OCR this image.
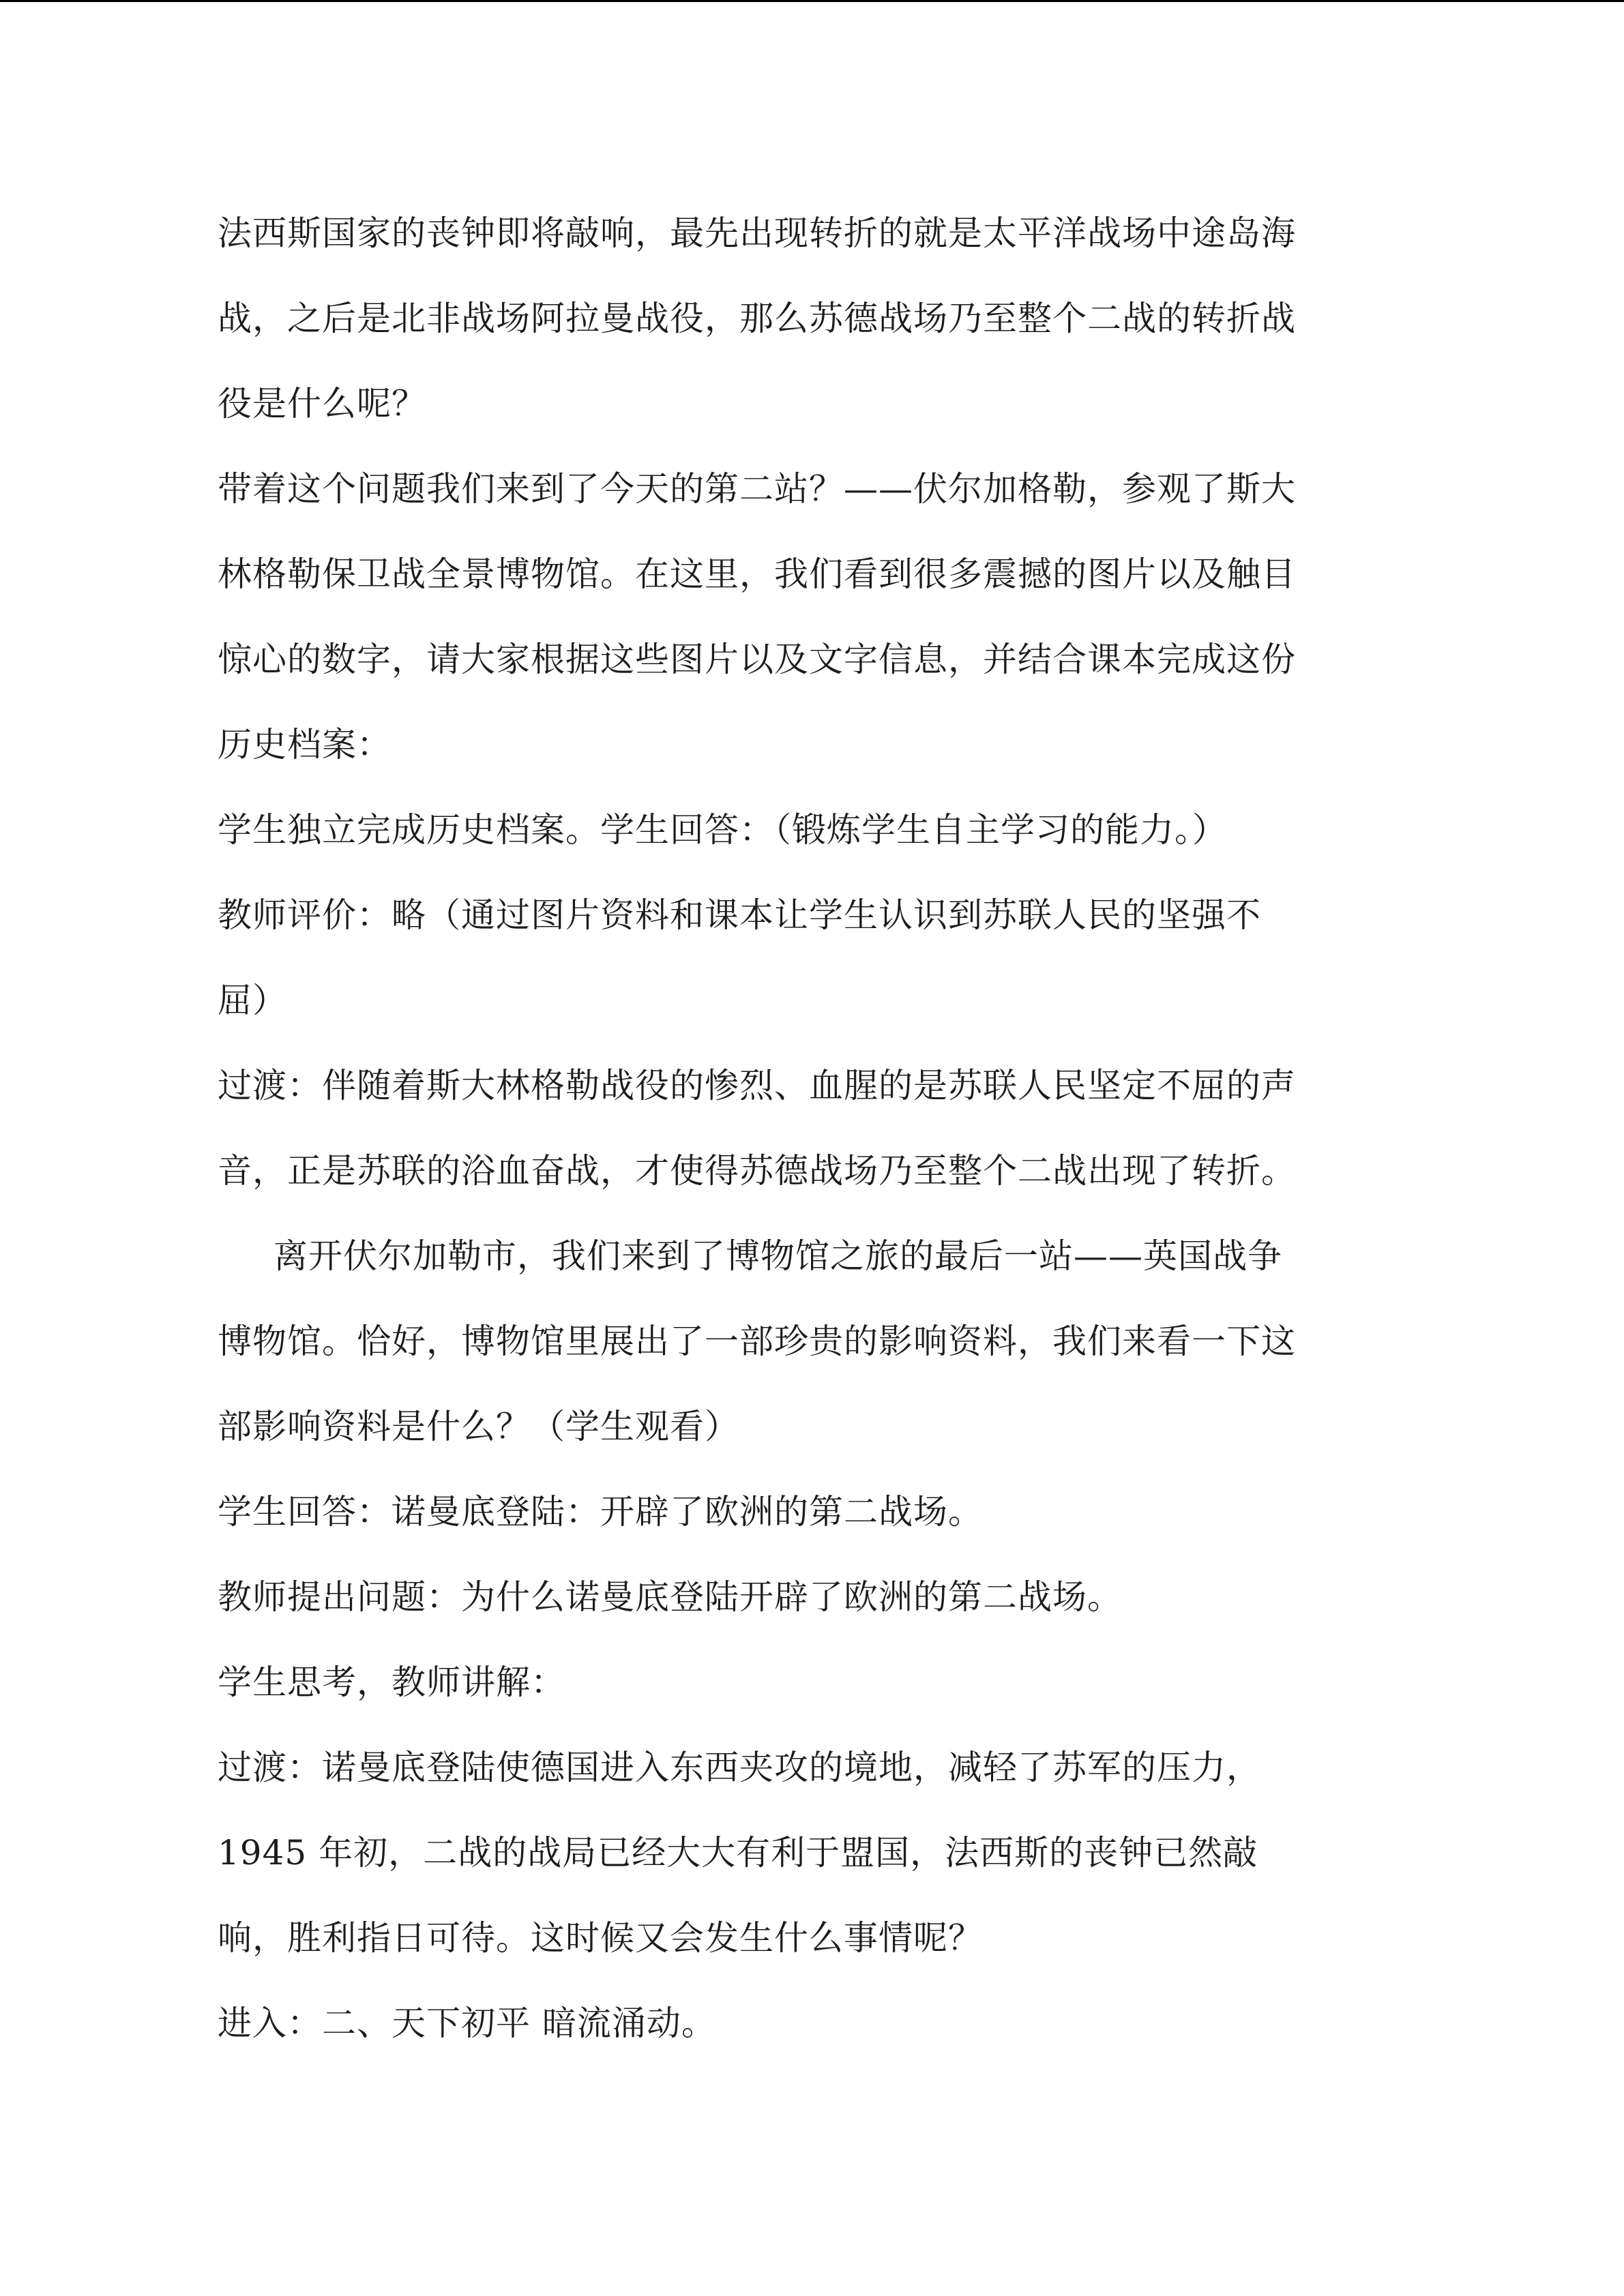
法西斯国家的丧钟即将敲响，最先出现转折的就是太平洋战场中途岛海
战，之后是北非战场阿拉曼战役，那么苏德战场乃至整个二战的转折战
役是什么呢？
带着这个问题我们来到了今天的第二站？——伏尔加格勒，参观了斯大
林格勒保卫战全景博物馆。在这里，我们看到很多震撼的图片以及触目
惊心的数字，请大家根据这些图片以及文字信息，并结合课本完成这份
历史档案：
学生独立完成历史档案。学生回答：（锻炼学生自主学习的能力。）
教师评价：略（通过图片资料和课本让学生认识到苏联人民的坚强不
屈）
过渡：伴随着斯大林格勒战役的惨烈、血腥的是苏联人民坚定不屈的声
音，正是苏联的浴血奋战，才使得苏德战场乃至整个二战出现了转折。
离开伏尔加勒市，我们来到了博物馆之旅的最后一站——英国战争
博物馆。恰好，博物馆里展出了一部珍贵的影响资料，我们来看一下这
部影响资料是什么？（学生观看）
学生回答：诺曼底登陆：开辟了欧洲的第二战场。
教师提出问题：为什么诺曼底登陆开辟了欧洲的第二战场。
学生思考，教师讲解：
过渡：诺曼底登陆使德国进入东西夹攻的境地，减轻了苏军的压力，
1945 年初，二战的战局已经大大有利于盟国，法西斯的丧钟已然敲
响，胜利指日可待。这时候又会发生什么事情呢？
进入：二、天下初平 暗流涌动。
